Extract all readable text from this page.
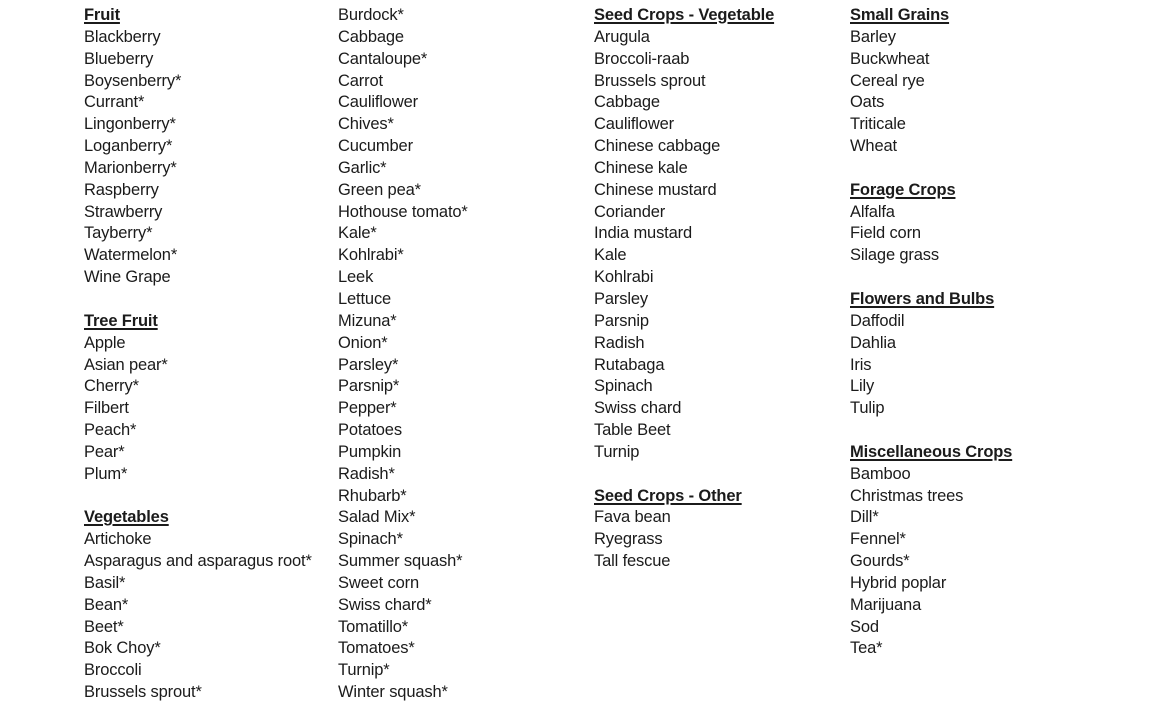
Fruit
Blackberry
Blueberry
Boysenberry*
Currant*
Lingonberry*
Loganberry*
Marionberry*
Raspberry
Strawberry
Tayberry*
Watermelon*
Wine Grape
Tree Fruit
Apple
Asian pear*
Cherry*
Filbert
Peach*
Pear*
Plum*
Vegetables
Artichoke
Asparagus and asparagus root*
Basil*
Bean*
Beet*
Bok Choy*
Broccoli
Brussels sprout*
Burdock*
Cabbage
Cantaloupe*
Carrot
Cauliflower
Chives*
Cucumber
Garlic*
Green pea*
Hothouse tomato*
Kale*
Kohlrabi*
Leek
Lettuce
Mizuna*
Onion*
Parsley*
Parsnip*
Pepper*
Potatoes
Pumpkin
Radish*
Rhubarb*
Salad Mix*
Spinach*
Summer squash*
Sweet corn
Swiss chard*
Tomatillo*
Tomatoes*
Turnip*
Winter squash*
Seed Crops - Vegetable
Arugula
Broccoli-raab
Brussels sprout
Cabbage
Cauliflower
Chinese cabbage
Chinese kale
Chinese mustard
Coriander
India mustard
Kale
Kohlrabi
Parsley
Parsnip
Radish
Rutabaga
Spinach
Swiss chard
Table Beet
Turnip
Seed Crops - Other
Fava bean
Ryegrass
Tall fescue
Small Grains
Barley
Buckwheat
Cereal rye
Oats
Triticale
Wheat
Forage Crops
Alfalfa
Field corn
Silage grass
Flowers and Bulbs
Daffodil
Dahlia
Iris
Lily
Tulip
Miscellaneous Crops
Bamboo
Christmas trees
Dill*
Fennel*
Gourds*
Hybrid poplar
Marijuana
Sod
Tea*
